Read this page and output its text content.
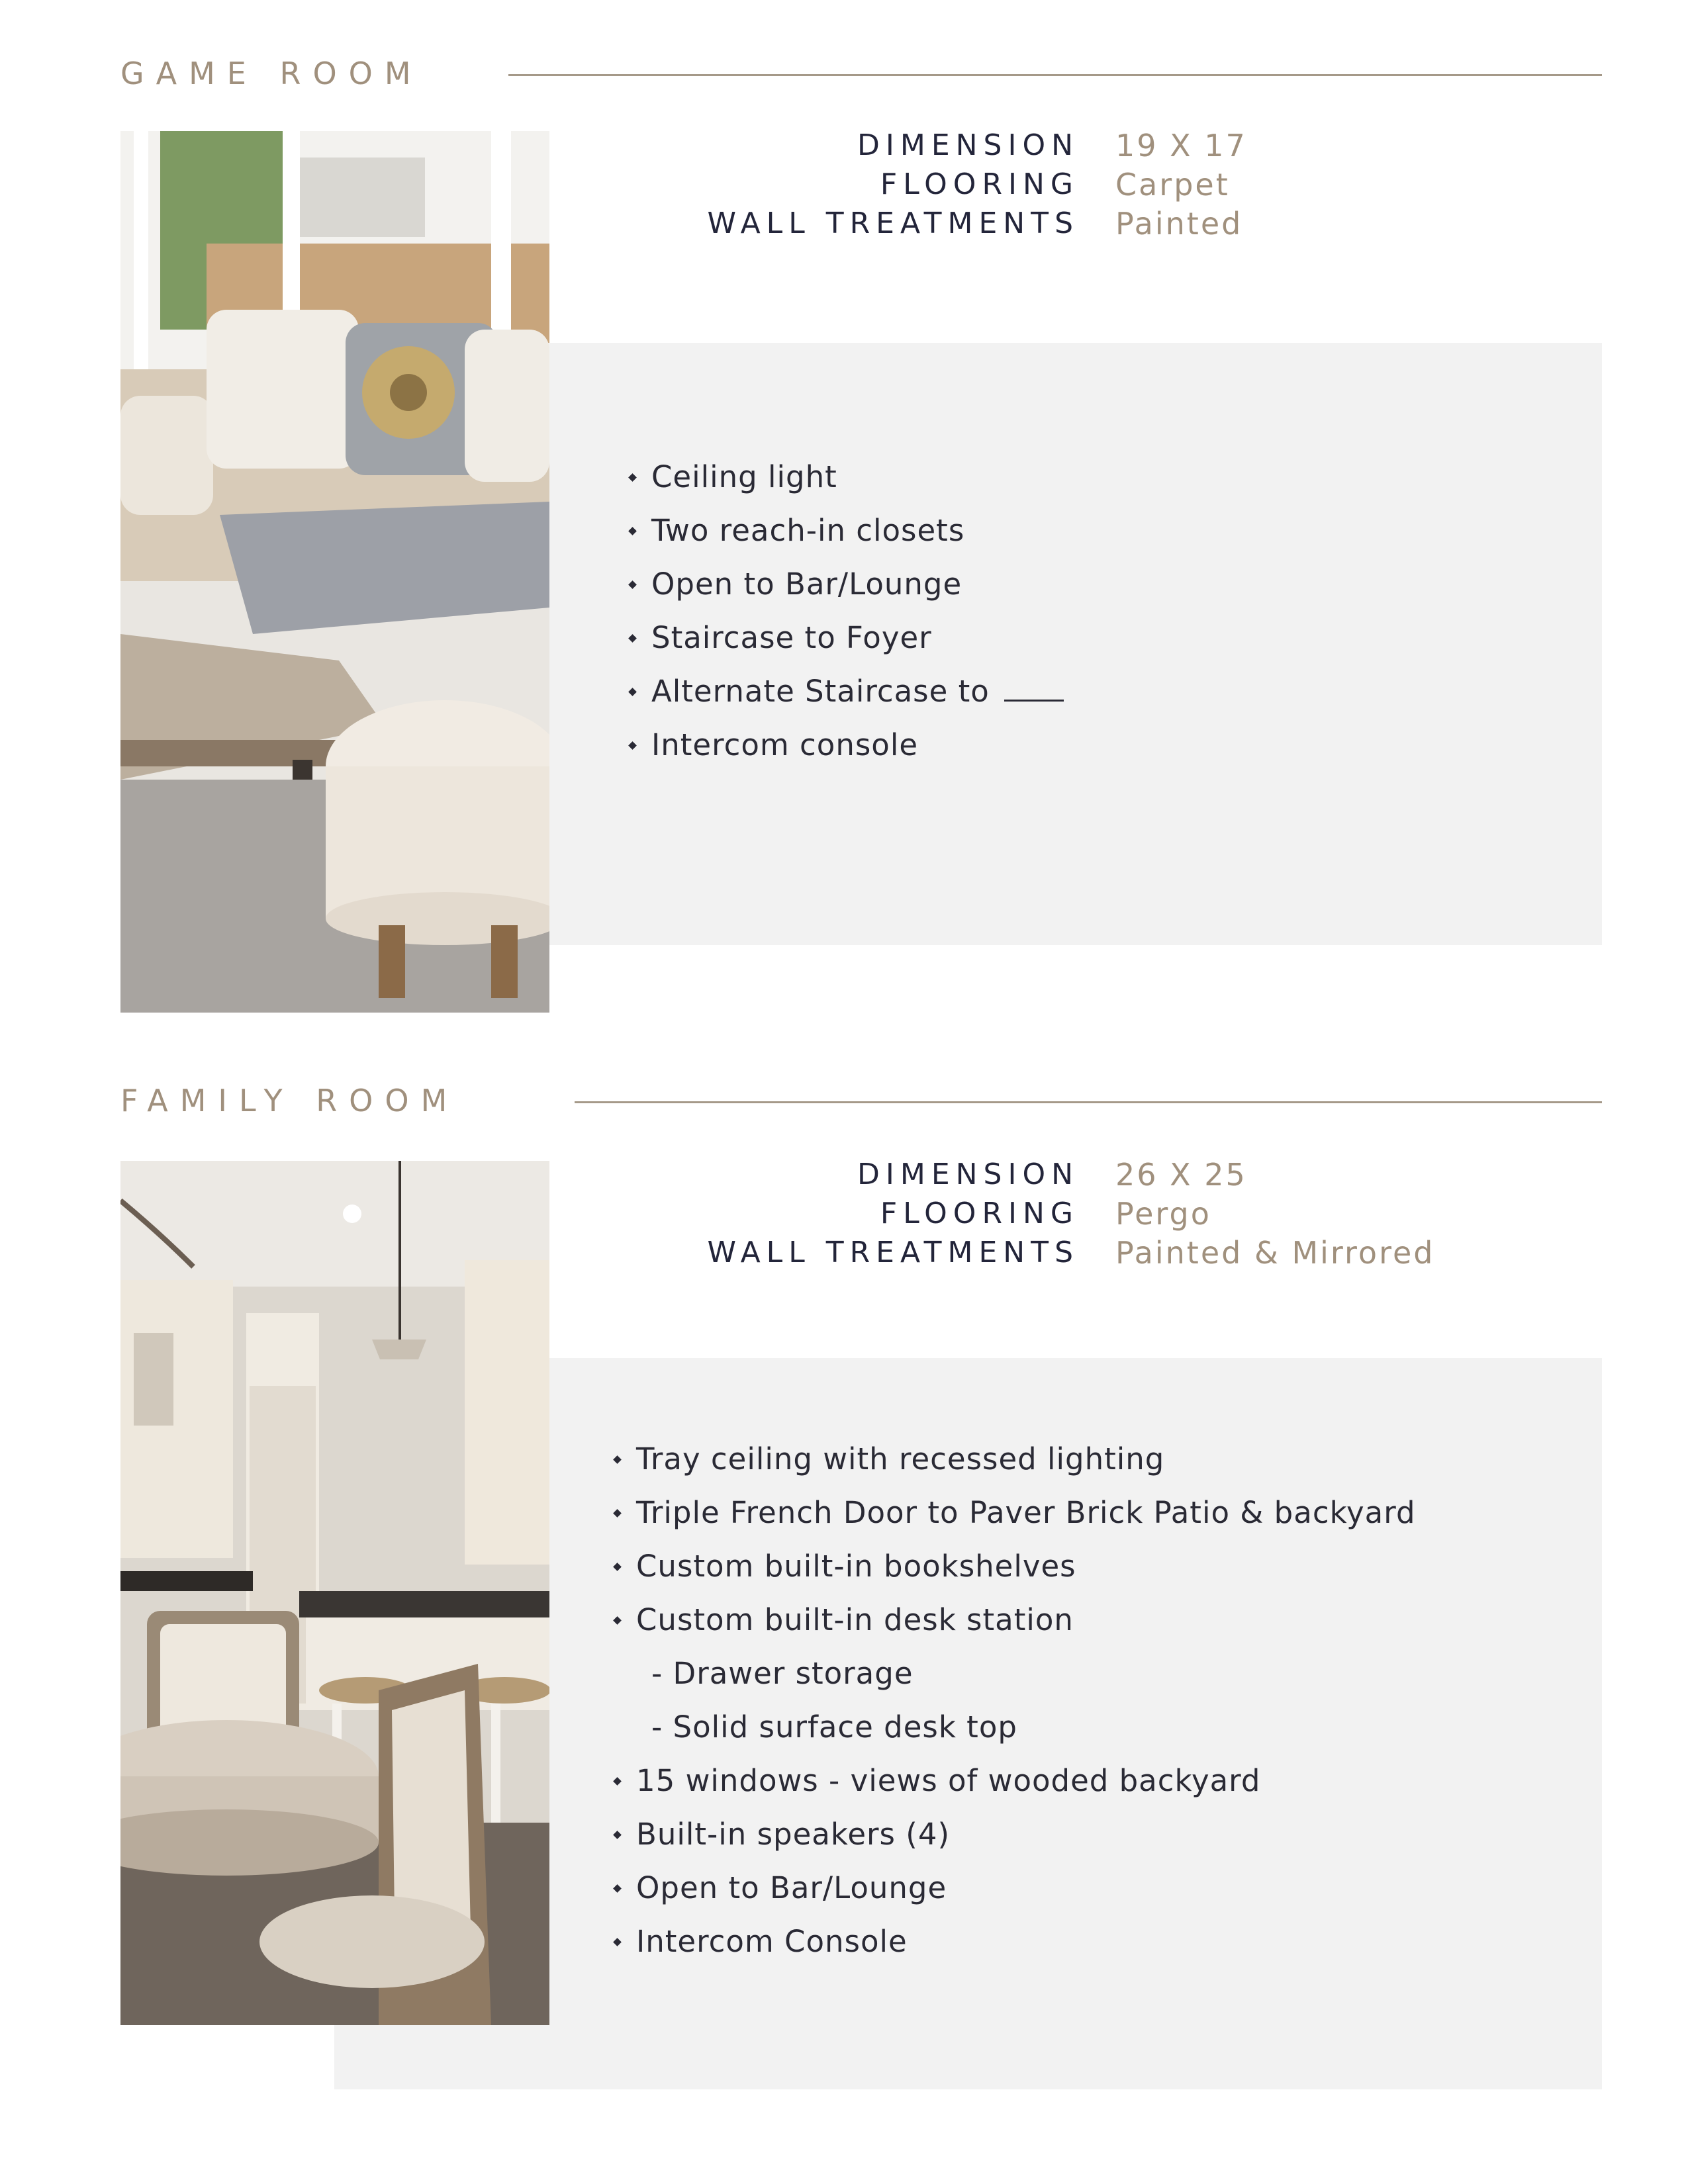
GAME ROOM
DIMENSION	19 X 17
FLOORING	Carpet
WALL TREATMENTS	Painted
Ceiling light
Two reach-in closets
Open to Bar/Lounge
Staircase to Foyer
Alternate Staircase to
Intercom console
FAMILY ROOM
DIMENSION	26 X 25
FLOORING	Pergo
WALL TREATMENTS	Painted & Mirrored
Tray ceiling with recessed lighting
Triple French Door to Paver Brick Patio & backyard
Custom built-in bookshelves
Custom built-in desk station
- Drawer storage
- Solid surface desk top
15 windows - views of wooded backyard
Built-in speakers (4)
Open to Bar/Lounge
Intercom Console
